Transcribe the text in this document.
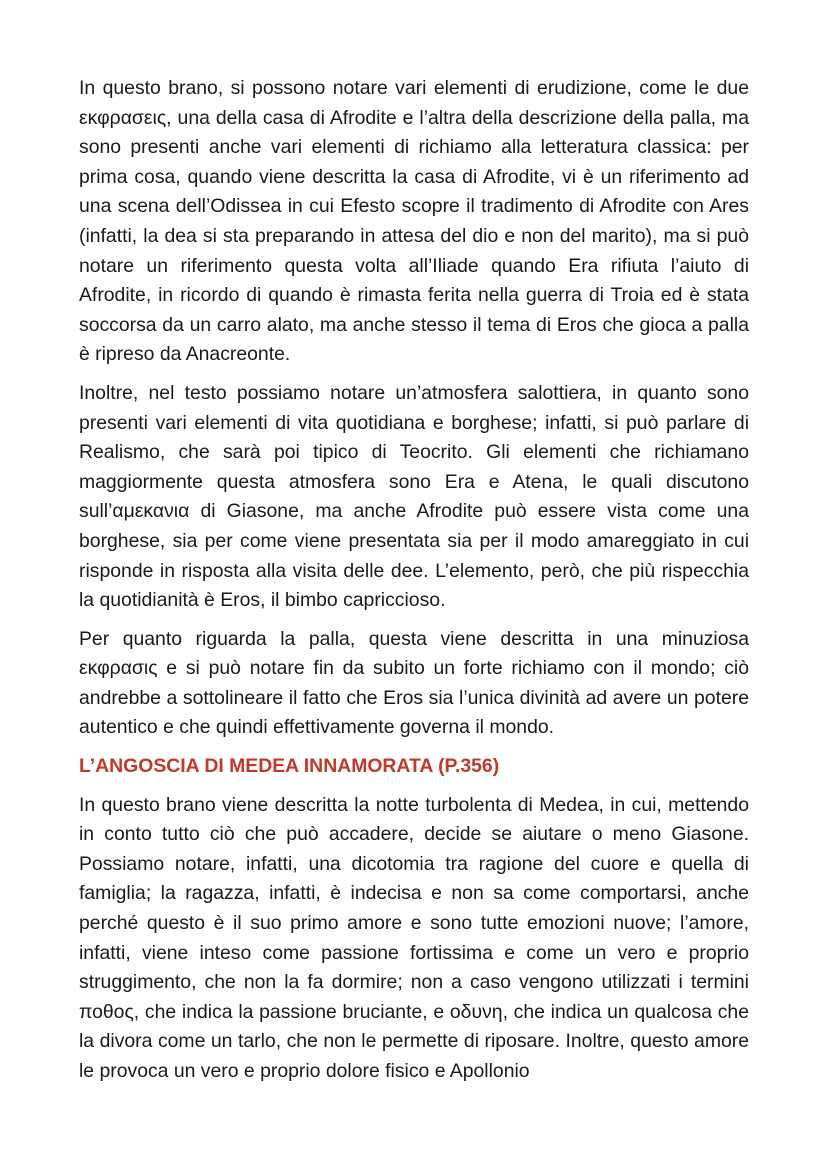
In questo brano, si possono notare vari elementi di erudizione, come le due εκφρασεις, una della casa di Afrodite e l’altra della descrizione della palla, ma sono presenti anche vari elementi di richiamo alla letteratura classica: per prima cosa, quando viene descritta la casa di Afrodite, vi è un riferimento ad una scena dell’Odissea in cui Efesto scopre il tradimento di Afrodite con Ares (infatti, la dea si sta preparando in attesa del dio e non del marito), ma si può notare un riferimento questa volta all’Iliade quando Era rifiuta l’aiuto di Afrodite, in ricordo di quando è rimasta ferita nella guerra di Troia ed è stata soccorsa da un carro alato, ma anche stesso il tema di Eros che gioca a palla è ripreso da Anacreonte.

Inoltre, nel testo possiamo notare un’atmosfera salottiera, in quanto sono presenti vari elementi di vita quotidiana e borghese; infatti, si può parlare di Realismo, che sarà poi tipico di Teocrito. Gli elementi che richiamano maggiormente questa atmosfera sono Era e Atena, le quali discutono sull’αμεκανια di Giasone, ma anche Afrodite può essere vista come una borghese, sia per come viene presentata sia per il modo amareggiato in cui risponde in risposta alla visita delle dee. L’elemento, però, che più rispecchia la quotidianità è Eros, il bimbo capriccioso.

Per quanto riguarda la palla, questa viene descritta in una minuziosa εκφρασις e si può notare fin da subito un forte richiamo con il mondo; ciò andrebbe a sottolineare il fatto che Eros sia l’unica divinità ad avere un potere autentico e che quindi effettivamente governa il mondo.

L’ANGOSCIA DI MEDEA INNAMORATA (P.356)

In questo brano viene descritta la notte turbolenta di Medea, in cui, mettendo in conto tutto ciò che può accadere, decide se aiutare o meno Giasone. Possiamo notare, infatti, una dicotomia tra ragione del cuore e quella di famiglia; la ragazza, infatti, è indecisa e non sa come comportarsi, anche perché questo è il suo primo amore e sono tutte emozioni nuove; l’amore, infatti, viene inteso come passione fortissima e come un vero e proprio struggimento, che non la fa dormire; non a caso vengono utilizzati i termini ποθος, che indica la passione bruciante, e οδυνη, che indica un qualcosa che la divora come un tarlo, che non le permette di riposare. Inoltre, questo amore le provoca un vero e proprio dolore fisico e Apollonio
